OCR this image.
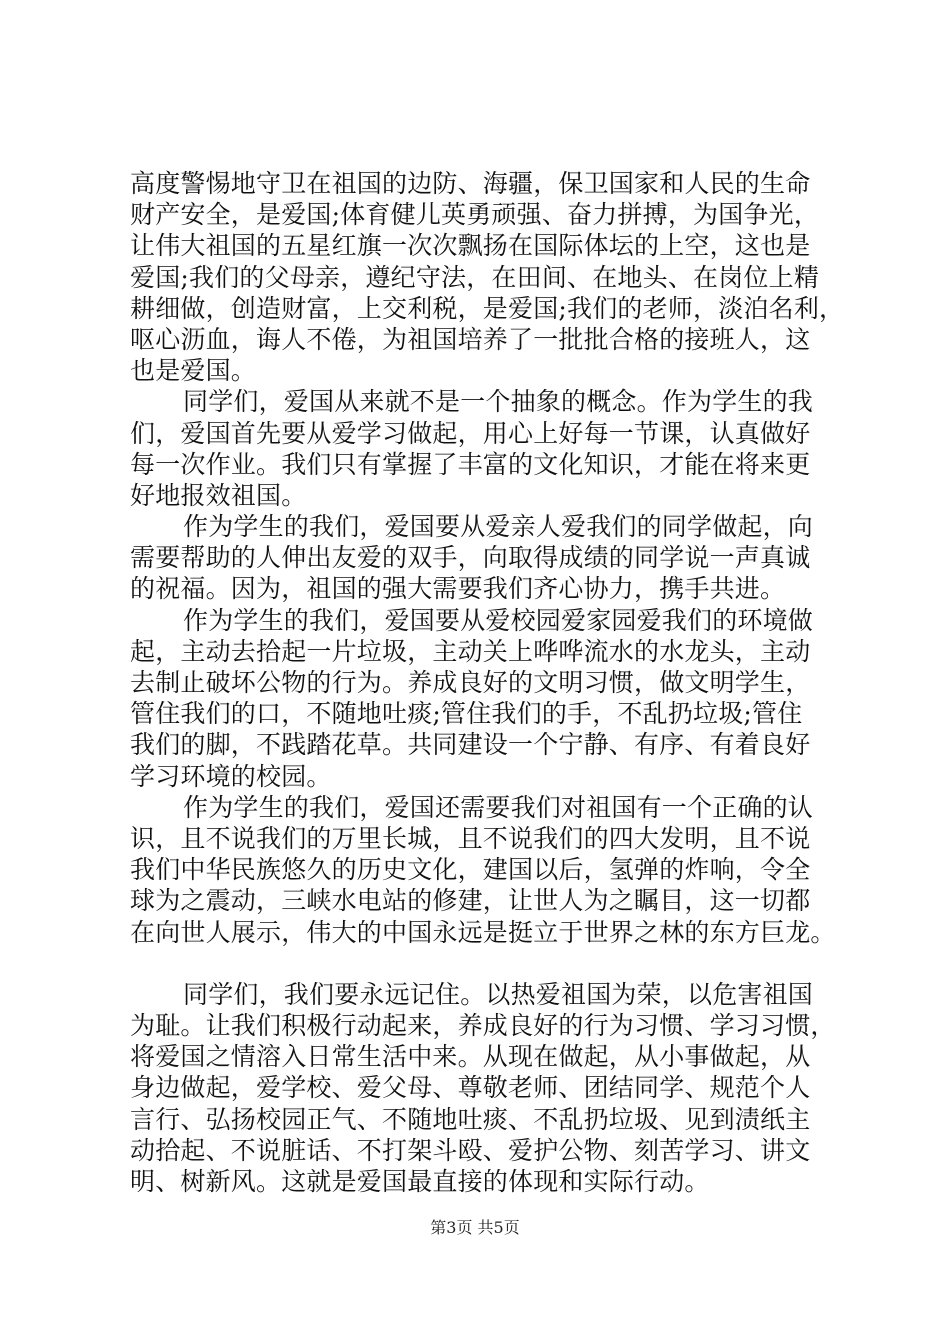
高度警惕地守卫在祖国的边防、海疆，保卫国家和人民的生命
财产安全，是爱国;体育健儿英勇顽强、奋力拼搏，为国争光，
让伟大祖国的五星红旗一次次飘扬在国际体坛的上空，这也是
爱国;我们的父母亲，遵纪守法，在田间、在地头、在岗位上精
耕细做，创造财富，上交利税，是爱国;我们的老师，淡泊名利，
呕心沥血，诲人不倦，为祖国培养了一批批合格的接班人，这
也是爱国。
同学们，爱国从来就不是一个抽象的概念。作为学生的我
们，爱国首先要从爱学习做起，用心上好每一节课，认真做好
每一次作业。我们只有掌握了丰富的文化知识，才能在将来更
好地报效祖国。
作为学生的我们，爱国要从爱亲人爱我们的同学做起，向
需要帮助的人伸出友爱的双手，向取得成绩的同学说一声真诚
的祝福。因为，祖国的强大需要我们齐心协力，携手共进。
作为学生的我们，爱国要从爱校园爱家园爱我们的环境做
起，主动去拾起一片垃圾，主动关上哗哗流水的水龙头，主动
去制止破坏公物的行为。养成良好的文明习惯，做文明学生，
管住我们的口，不随地吐痰;管住我们的手，不乱扔垃圾;管住
我们的脚，不践踏花草。共同建设一个宁静、有序、有着良好
学习环境的校园。
作为学生的我们，爱国还需要我们对祖国有一个正确的认
识，且不说我们的万里长城，且不说我们的四大发明，且不说
我们中华民族悠久的历史文化，建国以后，氢弹的炸响，令全
球为之震动，三峡水电站的修建，让世人为之瞩目，这一切都
在向世人展示，伟大的中国永远是挺立于世界之林的东方巨龙。
同学们，我们要永远记住。以热爱祖国为荣，以危害祖国
为耻。让我们积极行动起来，养成良好的行为习惯、学习习惯，
将爱国之情溶入日常生活中来。从现在做起，从小事做起，从
身边做起，爱学校、爱父母、尊敬老师、团结同学、规范个人
言行、弘扬校园正气、不随地吐痰、不乱扔垃圾、见到渍纸主
动拾起、不说脏话、不打架斗殴、爱护公物、刻苦学习、讲文
明、树新风。这就是爱国最直接的体现和实际行动。
第3页 共5页
